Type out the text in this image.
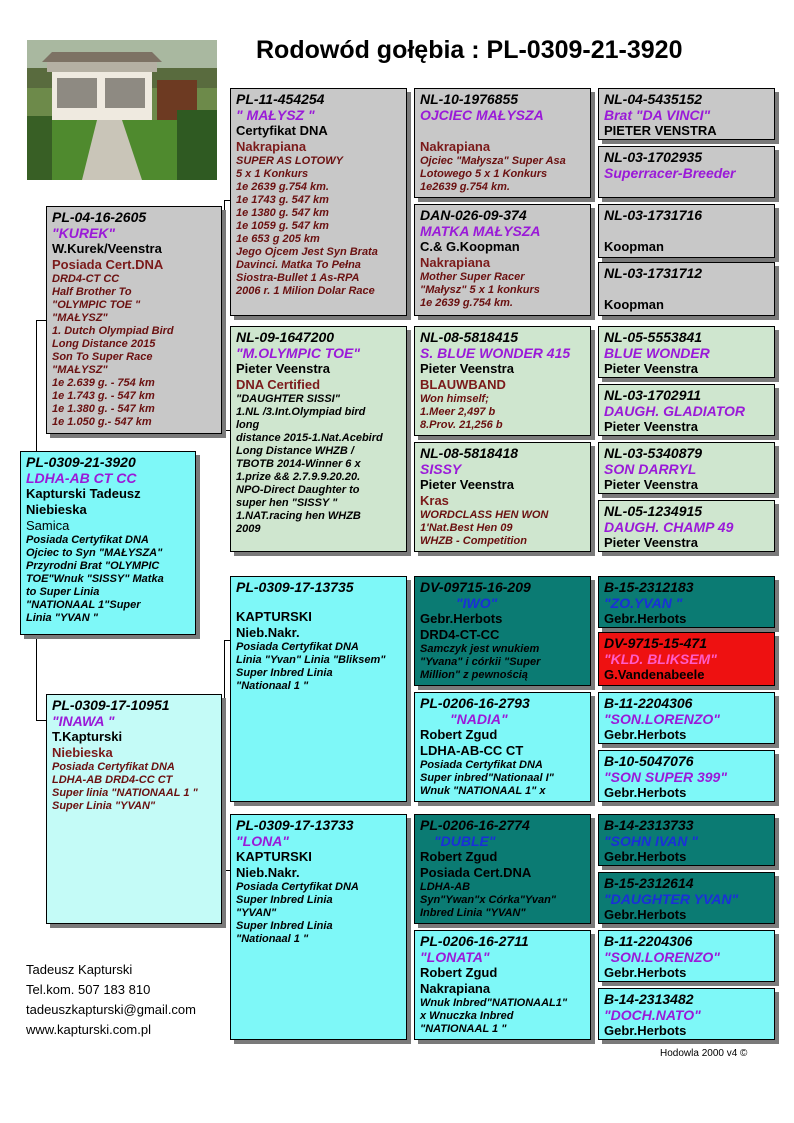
Rodowód gołębia : PL-0309-21-3920
PL-0309-21-3920
LDHA-AB CT CC
Kapturski Tadeusz
Niebieska
Samica
Posiada Certyfikat DNA
Ojciec to Syn "MAŁYSZA"
Przyrodni Brat "OLYMPIC
TOE"Wnuk "SISSY" Matka
to Super Linia
"NATIONAAL 1"Super
Linia "YVAN "
PL-04-16-2605
"KUREK"
W.Kurek/Veenstra
Posiada Cert.DNA
DRD4-CT CC
Half Brother To
"OLYMPIC TOE "
"MAŁYSZ"
1. Dutch Olympiad Bird
Long Distance 2015
Son To Super Race
"MAŁYSZ"
1e 2.639 g. - 754 km
1e 1.743 g. - 547 km
1e 1.380 g. - 547 km
1e 1.050 g.- 547 km
PL-0309-17-10951
"INAWA "
T.Kapturski
Niebieska
Posiada Certyfikat DNA
LDHA-AB DRD4-CC CT
Super linia "NATIONAAL 1 "
Super Linia "YVAN"
PL-11-454254
" MAŁYSZ "
Certyfikat DNA
Nakrapiana
SUPER AS LOTOWY
5 x 1 Konkurs
1e 2639 g.754 km.
1e 1743 g. 547 km
1e 1380 g. 547 km
1e 1059 g. 547 km
1e 653 g 205 km
Jego Ojcem Jest Syn Brata
Davinci. Matka To Pełna
Siostra-Bullet 1 As-RPA
2006 r. 1 Milion Dolar Race
NL-09-1647200
"M.OLYMPIC TOE"
Pieter Veenstra
DNA Certified
"DAUGHTER SISSI"
1.NL /3.Int.Olympiad bird
long
distance 2015-1.Nat.Acebird
Long Distance WHZB /
TBOTB 2014-Winner 6 x
1.prize && 2.7.9.9.20.20.
NPO-Direct Daughter to
super hen "SISSY "
1.NAT.racing hen WHZB
2009
PL-0309-17-13735
KAPTURSKI
Nieb.Nakr.
Posiada Certyfikat DNA
Linia "Yvan" Linia "Bliksem"
Super Inbred Linia
"Nationaal 1 "
PL-0309-17-13733
"LONA"
KAPTURSKI
Nieb.Nakr.
Posiada Certyfikat DNA
Super Inbred Linia
"YVAN"
Super Inbred Linia
"Nationaal 1 "
NL-10-1976855
OJCIEC MAŁYSZA
Nakrapiana
Ojciec "Małysza" Super Asa
Lotowego 5 x 1 Konkurs
1e2639 g.754 km.
DAN-026-09-374
MATKA MAŁYSZA
C.& G.Koopman
Nakrapiana
Mother Super Racer
"Małysz" 5 x 1 konkurs
1e 2639 g.754 km.
NL-08-5818415
S. BLUE WONDER 415
Pieter Veenstra
BLAUWBAND
Won himself;
1.Meer 2,497 b
8.Prov. 21,256 b
NL-08-5818418
SISSY
Pieter Veenstra
Kras
WORDCLASS HEN WON
1'Nat.Best Hen 09
WHZB - Competition
DV-09715-16-209
"IWO"
Gebr.Herbots
DRD4-CT-CC
Samczyk jest wnukiem
"Yvana" i córkii "Super
Million" z pewnością
PL-0206-16-2793
"NADIA"
Robert Zgud
LDHA-AB-CC CT
Posiada Certyfikat DNA
Super inbred"Nationaal I"
Wnuk "NATIONAAL 1" x
PL-0206-16-2774
"DUBLE"
Robert Zgud
Posiada Cert.DNA
LDHA-AB
Syn"Ywan"x Córka"Yvan"
Inbred Linia "YVAN"
PL-0206-16-2711
"LONATA"
Robert Zgud
Nakrapiana
Wnuk Inbred"NATIONAAL1"
x Wnuczka Inbred
"NATIONAAL 1 "
NL-04-5435152
Brat "DA VINCI"
PIETER VENSTRA
NL-03-1702935
Superracer-Breeder
NL-03-1731716
Koopman
NL-03-1731712
Koopman
NL-05-5553841
BLUE WONDER
Pieter Veenstra
NL-03-1702911
DAUGH. GLADIATOR
Pieter Veenstra
NL-03-5340879
SON DARRYL
Pieter Veenstra
NL-05-1234915
DAUGH. CHAMP 49
Pieter Veenstra
B-15-2312183
"ZO.YVAN "
Gebr.Herbots
DV-9715-15-471
"KLD. BLIKSEM"
G.Vandenabeele
B-11-2204306
"SON.LORENZO"
Gebr.Herbots
B-10-5047076
"SON SUPER 399"
Gebr.Herbots
B-14-2313733
"SOHN IVAN "
Gebr.Herbots
B-15-2312614
"DAUGHTER YVAN"
Gebr.Herbots
B-11-2204306
"SON.LORENZO"
Gebr.Herbots
B-14-2313482
"DOCH.NATO"
Gebr.Herbots
Tadeusz Kapturski
Tel.kom. 507 183 810
tadeuszkapturski@gmail.com
www.kapturski.com.pl
Hodowla 2000 v4 ©
